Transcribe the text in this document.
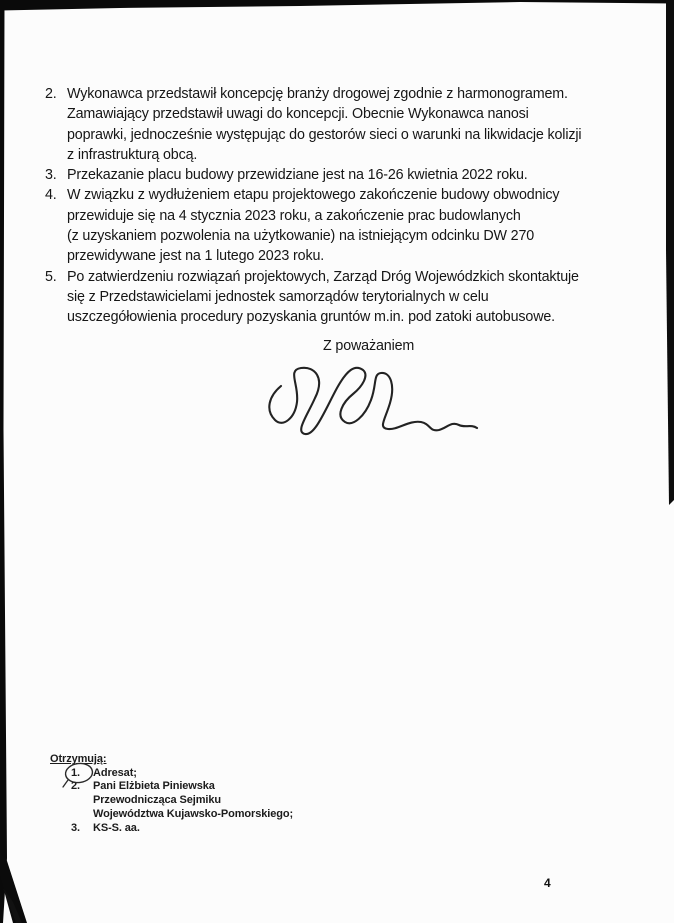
2. Wykonawca przedstawił koncepcję branży drogowej zgodnie z harmonogramem.
Zamawiający przedstawił uwagi do koncepcji. Obecnie Wykonawca nanosi
poprawki, jednocześnie występując do gestorów sieci o warunki na likwidacje kolizji
z infrastrukturą obcą.
3. Przekazanie placu budowy przewidziane jest na 16-26 kwietnia 2022 roku.
4. W związku z wydłużeniem etapu projektowego zakończenie budowy obwodnicy
przewiduje się na 4 stycznia 2023 roku, a zakończenie prac budowlanych
(z uzyskaniem pozwolenia na użytkowanie) na istniejącym odcinku DW 270
przewidywane jest na 1 lutego 2023 roku.
5. Po zatwierdzeniu rozwiązań projektowych, Zarząd Dróg Wojewódzkich skontaktuje
się z Przedstawicielami jednostek samorządów terytorialnych w celu
uszczegółowienia procedury pozyskania gruntów m.in. pod zatoki autobusowe.
Z poważaniem
Otrzymują:
1.	Adresat;
2.	Pani Elżbieta Piniewska
Przewodnicząca Sejmiku
Województwa Kujawsko-Pomorskiego;
3.	KS-S. aa.
4
